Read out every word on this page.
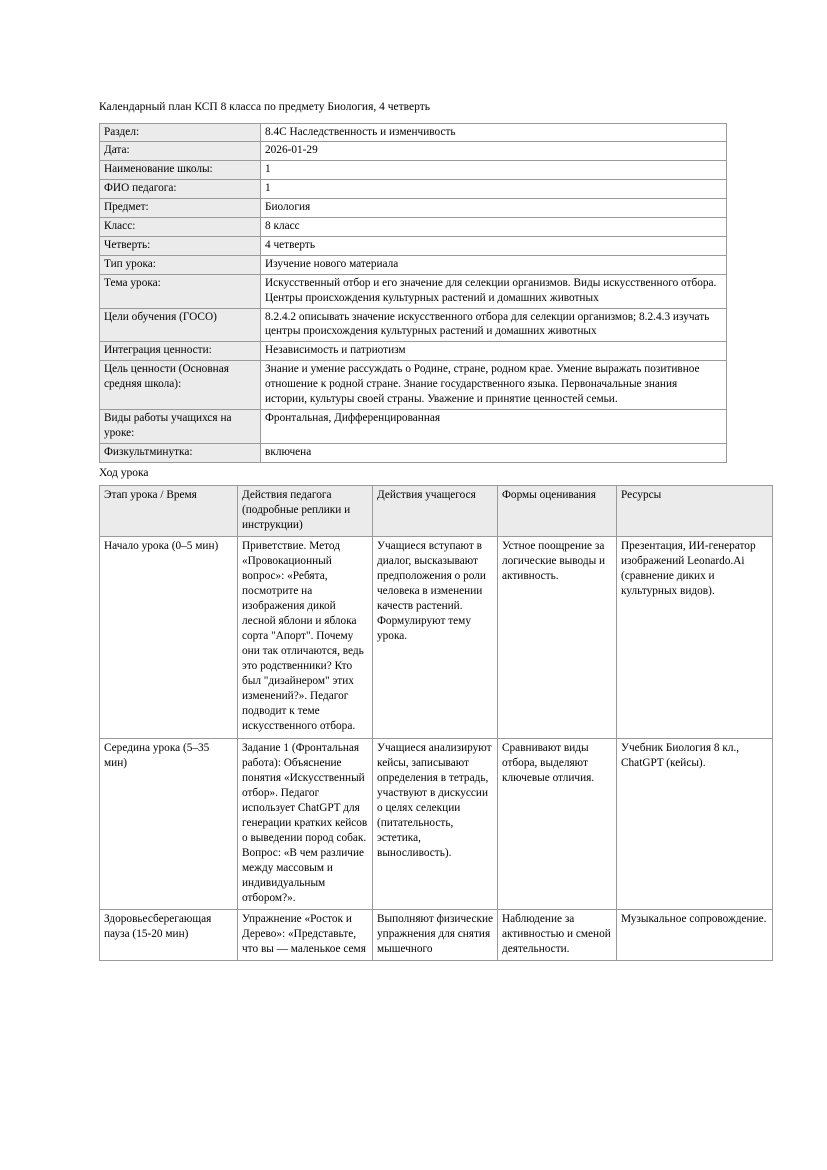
Календарный план КСП 8 класса по предмету Биология, 4 четверть
Раздел:	8.4C Наследственность и изменчивость
Дата:	2026-01-29
Наименование школы:	1
ФИО педагога:	1
Предмет:	Биология
Класс:	8 класс
Четверть:	4 четверть
Тип урока:	Изучение нового материала
Тема урока:	Искусственный отбор и его значение для селекции организмов. Виды искусственного отбора. Центры происхождения культурных растений и домашних животных
Цели обучения (ГОСО)	8.2.4.2 описывать значение искусственного отбора для селекции организмов; 8.2.4.3 изучать центры происхождения культурных растений и домашних животных
Интеграция ценности:	Независимость и патриотизм
Цель ценности (Основная средняя школа):	Знание и умение рассуждать о Родине, стране, родном крае. Умение выражать позитивное отношение к родной стране. Знание государственного языка. Первоначальные знания истории, культуры своей страны. Уважение и принятие ценностей семьи.
Виды работы учащихся на уроке:	Фронтальная, Дифференцированная
Физкультминутка:	включена
Ход урока
Этап урока / Время	Действия педагога (подробные реплики и инструкции)	Действия учащегося	Формы оценивания	Ресурсы
Начало урока (0–5 мин)	Приветствие. Метод «Провокационный вопрос»: «Ребята, посмотрите на изображения дикой лесной яблони и яблока сорта "Апорт". Почему они так отличаются, ведь это родственники? Кто был "дизайнером" этих изменений?». Педагог подводит к теме искусственного отбора.	Учащиеся вступают в диалог, высказывают предположения о роли человека в изменении качеств растений. Формулируют тему урока.	Устное поощрение за логические выводы и активность.	Презентация, ИИ-генератор изображений Leonardo.Ai (сравнение диких и культурных видов).
Середина урока (5–35 мин)	Задание 1 (Фронтальная работа): Объяснение понятия «Искусственный отбор». Педагог использует ChatGPT для генерации кратких кейсов о выведении пород собак. Вопрос: «В чем различие между массовым и индивидуальным отбором?».	Учащиеся анализируют кейсы, записывают определения в тетрадь, участвуют в дискуссии о целях селекции (питательность, эстетика, выносливость).	Сравнивают виды отбора, выделяют ключевые отличия.	Учебник Биология 8 кл., ChatGPT (кейсы).
Здоровьесберегающая пауза (15-20 мин)	Упражнение «Росток и Дерево»: «Представьте, что вы — маленькое семя	Выполняют физические упражнения для снятия мышечного	Наблюдение за активностью и сменой деятельности.	Музыкальное сопровождение.
